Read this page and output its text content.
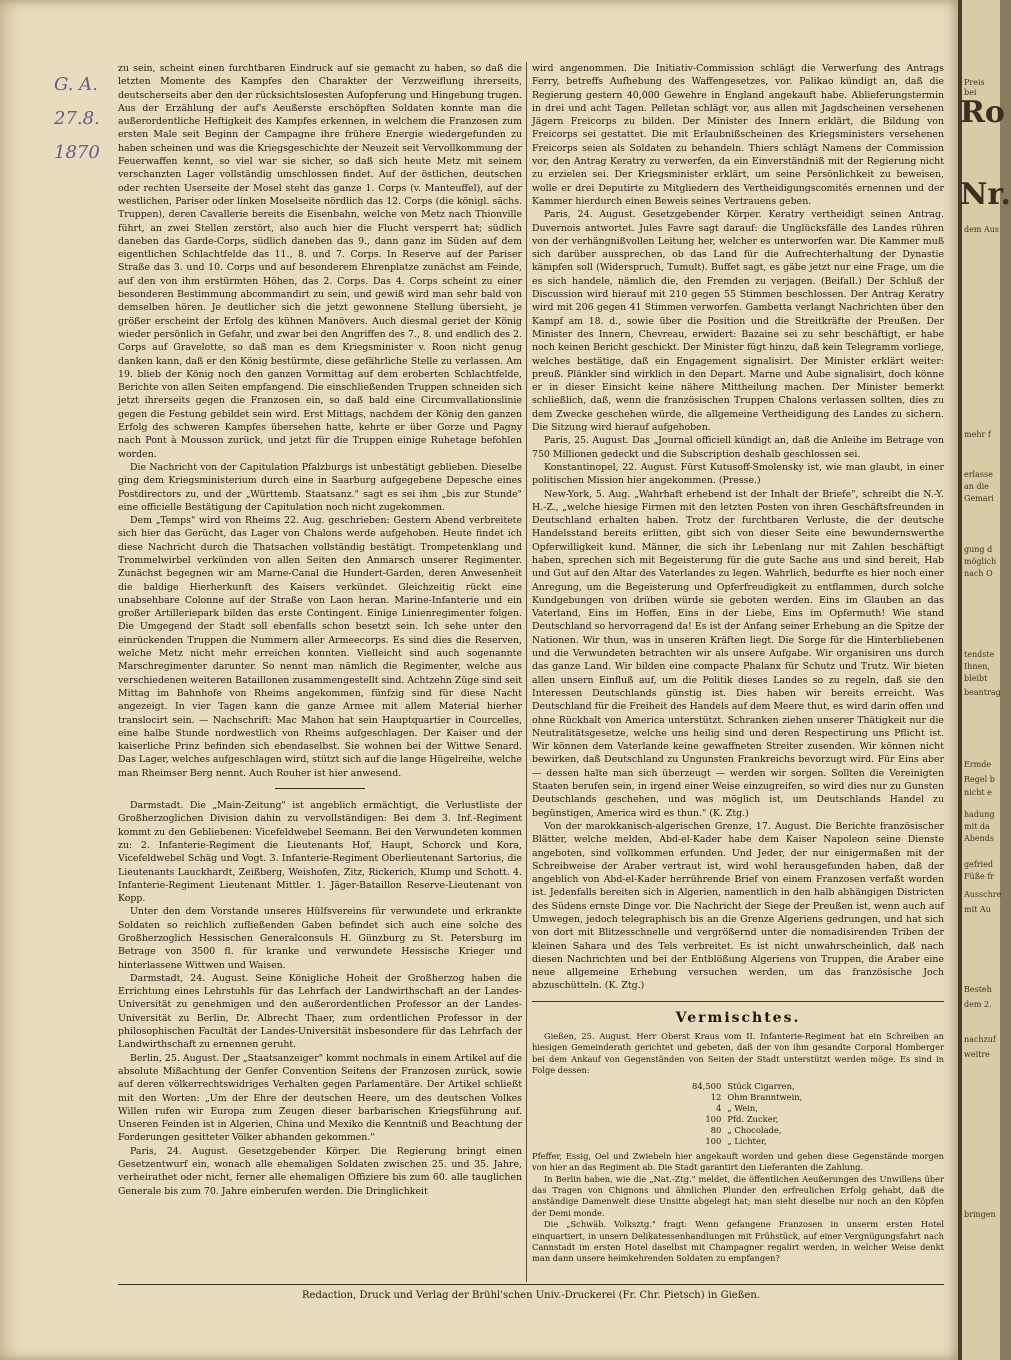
G. A.
27.8.
1870

zu sein, scheint einen furchtbaren Eindruck auf sie gemacht zu haben, so daß die letzten Momente des Kampfes den Charakter der Verzweiflung ihrerseits, deutscherseits aber den der rücksichtslosesten Aufopferung und Hingebung trugen. Aus der Erzählung der auf's Aeußerste erschöpften Soldaten konnte man die außerordentliche Heftigkeit des Kampfes erkennen, in welchem die Franzosen zum ersten Male seit Beginn der Campagne ihre frühere Energie wiedergefunden zu haben scheinen und was die Kriegsgeschichte der Neuzeit seit Vervollkommung der Feuerwaffen kennt, so viel war sie sicher, so daß sich heute Metz mit seinem verschanzten Lager vollständig umschlossen findet. Auf der östlichen, deutschen oder rechten Userseite der Mosel steht das ganze 1. Corps (v. Manteuffel), auf der westlichen, Pariser oder linken Moselseite nördlich das 12. Corps (die königl. sächs. Truppen), deren Cavallerie bereits die Eisenbahn, welche von Metz nach Thionville führt, an zwei Stellen zerstört, also auch hier die Flucht versperrt hat; südlich daneben das Garde-Corps, südlich daneben das 9., dann ganz im Süden auf dem eigentlichen Schlachtfelde das 11., 8. und 7. Corps. In Reserve auf der Pariser Straße das 3. und 10. Corps und auf besonderem Ehrenplatze zunächst am Feinde, auf den von ihm erstürmten Höhen, das 2. Corps. Das 4. Corps scheint zu einer besonderen Bestimmung abcommandirt zu sein, und gewiß wird man sehr bald von demselben hören. Je deutlicher sich die jetzt gewonnene Stellung übersieht, je größer erscheint der Erfolg des kühnen Manövers. Auch diesmal geriet der König wieder persönlich in Gefahr, und zwar bei den Angriffen des 7., 8. und endlich des 2. Corps auf Gravelotte, so daß man es dem Kriegsminister v. Roon nicht genug danken kann, daß er den König bestürmte, diese gefährliche Stelle zu verlassen. Am 19. blieb der König noch den ganzen Vormittag auf dem eroberten Schlachtfelde, Berichte von allen Seiten empfangend. Die einschließenden Truppen schneiden sich jetzt ihrerseits gegen die Franzosen ein, so daß bald eine Circumvallationslinie gegen die Festung gebildet sein wird. Erst Mittags, nachdem der König den ganzen Erfolg des schweren Kampfes übersehen hatte, kehrte er über Gorze und Pagny nach Pont à Mousson zurück, und jetzt für die Truppen einige Ruhetage befohlen worden.

Die Nachricht von der Capitulation Pfalzburgs ist unbestätigt geblieben. Dieselbe ging dem Kriegsministerium durch eine in Saarburg aufgegebene Depesche eines Postdirectors zu, und der „Württemb. Staatsanz." sagt es sei ihm „bis zur Stunde" eine officielle Bestätigung der Capitulation noch nicht zugekommen.

Dem „Temps" wird von Rheims 22. Aug. geschrieben: Gestern Abend verbreitete sich hier das Gerücht, das Lager von Chalons werde aufgehoben. Heute findet ich diese Nachricht durch die Thatsachen vollständig bestätigt. Trompetenklang und Trommelwirbel verkünden von allen Seiten den Anmarsch unserer Regimenter. Zunächst begegnen wir am Marne-Canal die Hundert-Garden, deren Anwesenheit die baldige Hierherkunft des Kaisers verkündet. Gleichzeitig rückt eine unabsehbare Colonne auf der Straße von Laon heran. Marine-Infanterie und ein großer Artilleriepark bilden das erste Contingent. Einige Linienregimenter folgen. Die Umgegend der Stadt soll ebenfalls schon besetzt sein. Ich sehe unter den einrückenden Truppen die Nummern aller Armeecorps. Es sind dies die Reserven, welche Metz nicht mehr erreichen konnten. Vielleicht sind auch sogenannte Marschregimenter darunter. So nennt man nämlich die Regimenter, welche aus verschiedenen weiteren Bataillonen zusammengestellt sind. Achtzehn Züge sind seit Mittag im Bahnhofe von Rheims angekommen, fünfzig sind für diese Nacht angezeigt. In vier Tagen kann die ganze Armee mit allem Material hierher translocirt sein. — Nachschrift: Mac Mahon hat sein Hauptquartier in Courcelles, eine halbe Stunde nordwestlich von Rheims aufgeschlagen. Der Kaiser und der kaiserliche Prinz befinden sich ebendaselbst. Sie wohnen bei der Wittwe Senard. Das Lager, welches aufgeschlagen wird, stützt sich auf die lange Hügelreihe, welche man Rheimser Berg nennt. Auch Rouher ist hier anwesend.

Darmstadt. Die „Main-Zeitung" ist angeblich ermächtigt, die Verlustliste der Großherzoglichen Division dahin zu vervollständigen: Bei dem 3. Inf.-Regiment kommt zu den Gebliebenen: Vicefeldwebel Seemann. Bei den Verwundeten kommen zu: 2. Infanterie-Regiment die Lieutenants Hof, Haupt, Schorck und Kora, Vicefeldwebel Schäg und Vogt. 3. Infanterie-Regiment Oberlieutenant Sartorius, die Lieutenants Lauckhardt, Zeißberg, Weishofen, Zitz, Rickerich, Klump und Schott. 4. Infanterie-Regiment Lieutenant Mittler. 1. Jäger-Bataillon Reserve-Lieutenant von Kopp.

Unter den dem Vorstande unseres Hülfsvereins für verwundete und erkrankte Soldaten so reichlich zufließenden Gaben befindet sich auch eine solche des Großherzoglich Hessischen Generalconsuls H. Günzburg zu St. Petersburg im Betrage von 3500 fl. für kranke und verwundete Hessische Krieger und hinterlassene Wittwen und Waisen.

Darmstadt, 24. August. Seine Königliche Hoheit der Großherzog haben die Errichtung eines Lehrstuhls für das Lehrfach der Landwirthschaft an der Landes-Universität zu genehmigen und den außerordentlichen Professor an der Landes-Universität zu Berlin, Dr. Albrecht Thaer, zum ordentlichen Professor in der philosophischen Facultät der Landes-Universität insbesondere für das Lehrfach der Landwirthschaft zu ernennen geruht.

Berlin, 25. August. Der „Staatsanzeiger" kommt nochmals in einem Artikel auf die absolute Mißachtung der Genfer Convention Seitens der Franzosen zurück, sowie auf deren völkerrechtswidriges Verhalten gegen Parlamentäre. Der Artikel schließt mit den Worten: „Um der Ehre der deutschen Heere, um des deutschen Volkes Willen rufen wir Europa zum Zeugen dieser barbarischen Kriegsführung auf. Unseren Feinden ist in Algerien, China und Mexiko die Kenntniß und Beachtung der Forderungen gesitteter Völker abhanden gekommen."

Paris, 24. August. Gesetzgebender Körper. Die Regierung bringt einen Gesetzentwurf ein, wonach alle ehemaligen Soldaten zwischen 25. und 35. Jahre, verheirathet oder nicht, ferner alle ehemaligen Offiziere bis zum 60. alle tauglichen Generale bis zum 70. Jahre einberufen werden. Die Dringlichkeit

wird angenommen. Die Initiativ-Commission schlägt die Verwerfung des Antrags Ferry, betreffs Aufhebung des Waffengesetzes, vor. Palikao kündigt an, daß die Regierung gestern 40,000 Gewehre in England angekauft habe. Ablieferungstermin in drei und acht Tagen. Pelletan schlägt vor, aus allen mit Jagdscheinen versehenen Jägern Freicorps zu bilden. Der Minister des Innern erklärt, die Bildung von Freicorps sei gestattet. Die mit Erlaubnißscheinen des Kriegsministers versehenen Freicorps seien als Soldaten zu behandeln. Thiers schlägt Namens der Commission vor, den Antrag Keratry zu verwerfen, da ein Einverständniß mit der Regierung nicht zu erzielen sei. Der Kriegsminister erklärt, um seine Persönlichkeit zu beweisen, wolle er drei Deputirte zu Mitgliedern des Vertheidigungscomités ernennen und der Kammer hierdurch einen Beweis seines Vertrauens geben.

Paris, 24. August. Gesetzgebender Körper. Keratry vertheidigt seinen Antrag. Duvernois antwortet. Jules Favre sagt darauf: die Unglücksfälle des Landes rühren von der verhängnißvollen Leitung her, welcher es unterworfen war. Die Kammer muß sich darüber aussprechen, ob das Land für die Aufrechterhaltung der Dynastie kämpfen soll (Widerspruch, Tumult). Buffet sagt, es gäbe jetzt nur eine Frage, um die es sich handele, nämlich die, den Fremden zu verjagen. (Beifall.) Der Schluß der Discussion wird hierauf mit 210 gegen 55 Stimmen beschlossen. Der Antrag Keratry wird mit 206 gegen 41 Stimmen verworfen. Gambetta verlangt Nachrichten über den Kampf am 18. d., sowie über die Position und die Streitkräfte der Preußen. Der Minister des Innern, Chevreau, erwidert: Bazaine sei zu sehr beschäftigt, er habe noch keinen Bericht geschickt. Der Minister fügt hinzu, daß kein Telegramm vorliege, welches bestätige, daß ein Engagement signalisirt. Der Minister erklärt weiter: preuß. Plänkler sind wirklich in den Depart. Marne und Aube signalisirt, doch könne er in dieser Einsicht keine nähere Mittheilung machen. Der Minister bemerkt schließlich, daß, wenn die französischen Truppen Chalons verlassen sollten, dies zu dem Zwecke geschehen würde, die allgemeine Vertheidigung des Landes zu sichern. Die Sitzung wird hierauf aufgehoben.

Paris, 25. August. Das „Journal officiell kündigt an, daß die Anleihe im Betrage von 750 Millionen gedeckt und die Subscription deshalb geschlossen sei.

Konstantinopel, 22. August. Fürst Kutusoff-Smolensky ist, wie man glaubt, in einer politischen Mission hier angekommen. (Presse.)

New-York, 5. Aug. „Wahrhaft erhebend ist der Inhalt der Briefe", schreibt die N.-Y. H.-Z., „welche hiesige Firmen mit den letzten Posten von ihren Geschäftsfreunden in Deutschland erhalten haben. Trotz der furchtbaren Verluste, die der deutsche Handelsstand bereits erlitten, gibt sich von dieser Seite eine bewundernswerthe Opferwilligkeit kund. Männer, die sich ihr Lebenlang nur mit Zahlen beschäftigt haben, sprechen sich mit Begeisterung für die gute Sache aus und sind bereit, Hab und Gut auf den Altar des Vaterlandes zu legen. Wahrlich, bedurfte es hier noch einer Anregung, um die Begeisterung und Opferfreudigkeit zu entflammen, durch solche Kundgebungen von drüben würde sie geboten werden. Eins im Glauben an das Vaterland, Eins im Hoffen, Eins in der Liebe, Eins im Opfermuth! Wie stand Deutschland so hervorragend da! Es ist der Anfang seiner Erhebung an die Spitze der Nationen. Wir thun, was in unseren Kräften liegt. Die Sorge für die Hinterbliebenen und die Verwundeten betrachten wir als unsere Aufgabe. Wir organisiren uns durch das ganze Land. Wir bilden eine compacte Phalanx für Schutz und Trutz. Wir bieten allen unsern Einfluß auf, um die Politik dieses Landes so zu regeln, daß sie den Interessen Deutschlands günstig ist. Dies haben wir bereits erreicht. Was Deutschland für die Freiheit des Handels auf dem Meere thut, es wird darin offen und ohne Rückhalt von America unterstützt. Schranken ziehen unserer Thätigkeit nur die Neutralitätsgesetze, welche uns heilig sind und deren Respectirung uns Pflicht ist. Wir können dem Vaterlande keine gewaffneten Streiter zusenden. Wir können nicht bewirken, daß Deutschland zu Ungunsten Frankreichs bevorzugt wird. Für Eins aber — dessen halte man sich überzeugt — werden wir sorgen. Sollten die Vereinigten Staaten berufen sein, in irgend einer Weise einzugreifen, so wird dies nur zu Gunsten Deutschlands geschehen, und was möglich ist, um Deutschlands Handel zu begünstigen, America wird es thun." (K. Ztg.)

Von der marokkanisch-algerischen Grenze, 17. August. Die Berichte französischer Blätter, welche melden, Abd-el-Kader habe dem Kaiser Napoleon seine Dienste angeboten, sind vollkommen erfunden. Und Jeder, der nur einigermaßen mit der Schreibweise der Araber vertraut ist, wird wohl herausgefunden haben, daß der angeblich von Abd-el-Kader herrührende Brief von einem Franzosen verfaßt worden ist. Jedenfalls bereiten sich in Algerien, namentlich in den halb abhängigen Districten des Südens ernste Dinge vor. Die Nachricht der Siege der Preußen ist, wenn auch auf Umwegen, jedoch telegraphisch bis an die Grenze Algeriens gedrungen, und hat sich von dort mit Blitzesschnelle und vergrößernd unter die nomadisirenden Triben der kleinen Sahara und des Tels verbreitet. Es ist nicht unwahrscheinlich, daß nach diesen Nachrichten und bei der Entblößung Algeriens von Truppen, die Araber eine neue allgemeine Erhebung versuchen werden, um das französische Joch abzuschütteln. (K. Ztg.)

Vermischtes.

Gießen, 25. August. Herr Oberst Kraus vom II. Infanterie-Regiment hat ein Schreiben an hiesigen Gemeinderath gerichtet und gebeten, daß der von ihm gesandte Corporal Homberger bei dem Ankauf von Gegenständen von Seiten der Stadt unterstützt werden möge. Es sind in Folge dessen:

84,500	Stück Cigarren,
12	Ohm Branntwein,
4	„ Wein,
100	Pfd. Zucker,
80	„ Chocolade,
100	„ Lichter,

Pfeffer, Essig, Oel und Zwiebeln hier angekauft worden und gehen diese Gegenstände morgen von hier an das Regiment ab. Die Stadt garantirt den Lieferanten die Zahlung.

In Berlin haben, wie die „Nat.-Ztg." meldet, die öffentlichen Aeußerungen des Unwillens über das Tragen von Chignons und ähnlichen Plunder den erfreulichen Erfolg gehabt, daß die anständige Damenwelt diese Unsitte abgelegt hat; man sieht dieselbe nur noch an den Köpfen der Demi monde.

Die „Schwäb. Volksztg." fragt: Wenn gefangene Franzosen in unserm ersten Hotel einquartiert, in unsern Delikatessenhandlungen mit Frühstück, auf einer Vergnügungsfahrt nach Cannstadt im ersten Hotel daselbst mit Champagner regalirt werden, in welcher Weise denkt man dann unsere heimkehrenden Soldaten zu empfangen?

Redaction, Druck und Verlag der Brühl'schen Univ.-Druckerei (Fr. Chr. Pietsch) in Gießen.
Preis
bei
Ro
Nr.
dem Aus
mehr f
erlasse
an die
Gemari
gung d
möglich
nach O
tendste
Ihnen,
bleibt
beantrag
Ermde
Regel b
nicht e
hadung
mit da
Abends
gefried
Füße fr
Ausschre
mit Au
Besteh
dem 2.
nachzuf
weitre
bringen
